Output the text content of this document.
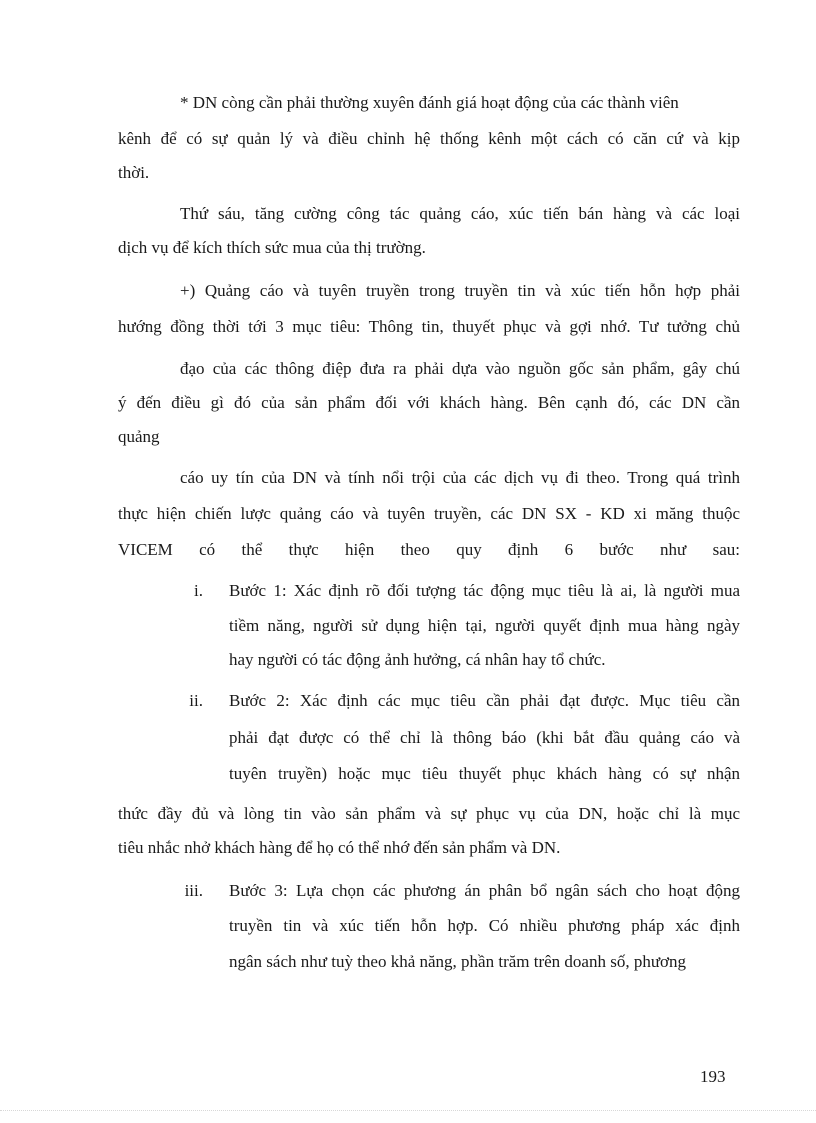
* DN còng cần phải thường xuyên đánh giá hoạt động của các thành viên

kênh để có sự quản lý và điều chỉnh hệ thống kênh một cách có căn cứ và kịp

thời.

Thứ sáu, tăng cường công tác quảng cáo, xúc tiến bán hàng và các loại

dịch vụ để kích thích sức mua của thị trường.

+) Quảng cáo và tuyên truyền trong truyền tin và xúc tiến hỗn hợp phải

hướng đồng thời tới 3 mục tiêu: Thông tin, thuyết phục và gợi nhớ. Tư tưởng chủ

đạo của các thông điệp đưa ra phải dựa vào nguồn gốc sản phẩm, gây chú

ý đến điều gì đó của sản phẩm đối với khách hàng. Bên cạnh đó, các DN cần

quảng

cáo uy tín của DN và tính nổi trội của các dịch vụ đi theo. Trong quá trình

thực hiện chiến lược quảng cáo và tuyên truyền, các DN SX - KD xi măng thuộc

VICEM có thể thực hiện theo quy định 6 bước như sau:

i. Bước 1: Xác định rõ đối tượng tác động mục tiêu là ai, là người mua

tiềm năng, người sử dụng hiện tại, người quyết định mua hàng ngày

hay người có tác động ảnh hưởng, cá nhân hay tổ chức.

ii. Bước 2: Xác định các mục tiêu cần phải đạt được. Mục tiêu cần

phải đạt được có thể chỉ là thông báo (khi bắt đầu quảng cáo và

tuyên truyền) hoặc mục tiêu thuyết phục khách hàng có sự nhận

thức đầy đủ và lòng tin vào sản phẩm và sự phục vụ của DN, hoặc chỉ là mục

tiêu nhắc nhở khách hàng để họ có thể nhớ đến sản phẩm và DN.

iii. Bước 3: Lựa chọn các phương án phân bổ ngân sách cho hoạt động

truyền tin và xúc tiến hỗn hợp. Có nhiều phương pháp xác định

ngân sách như tuỳ theo khả năng, phần trăm trên doanh số, phương

193
